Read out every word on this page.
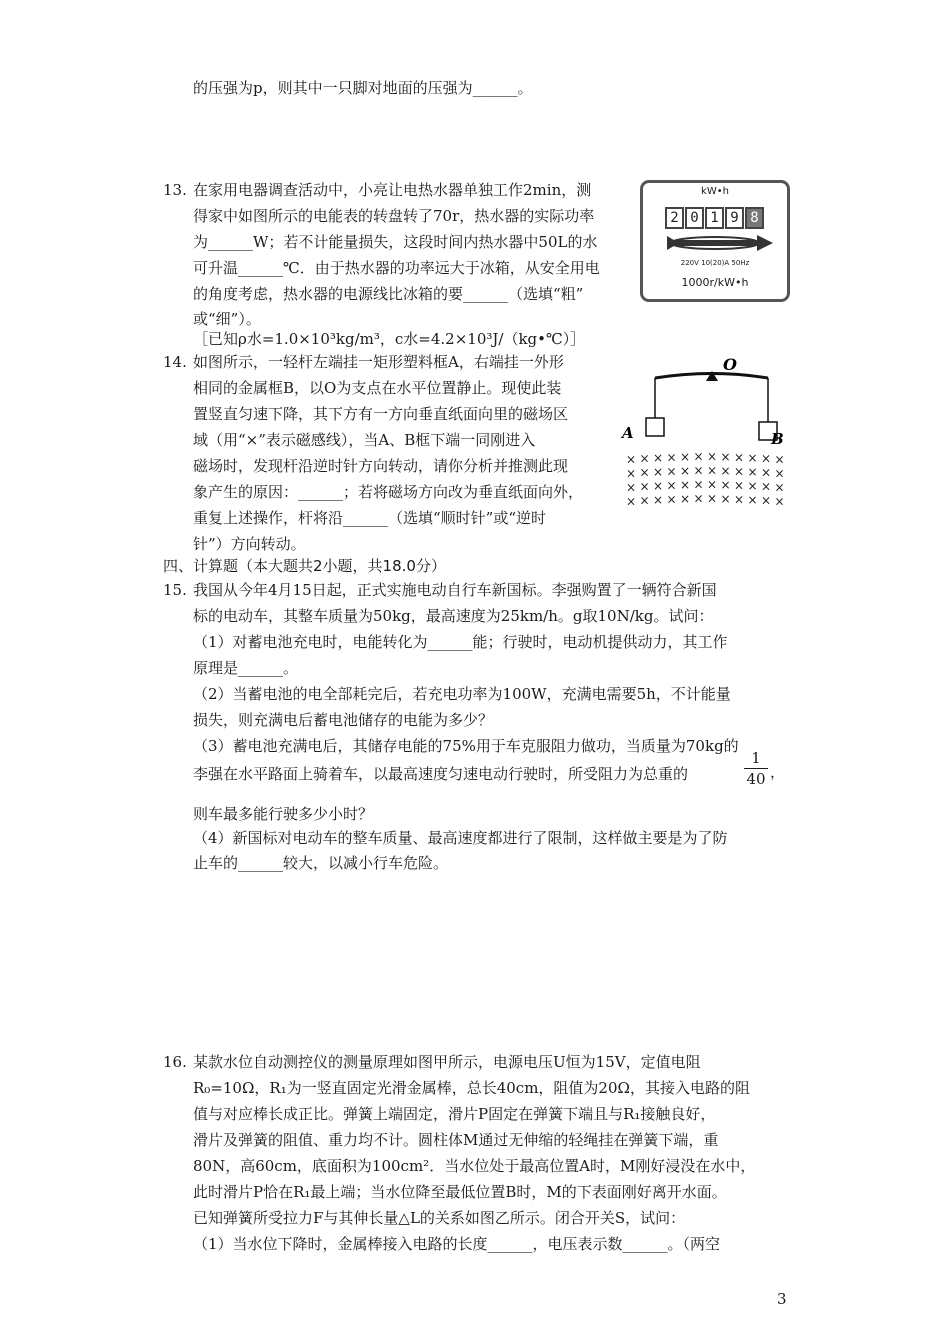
的压强为p，则其中一只脚对地面的压强为______。
13. 在家用电器调查活动中，小亮让电热水器单独工作2min，测
得家中如图所示的电能表的转盘转了70r，热水器的实际功率
为______W；若不计能量损失，这段时间内热水器中50L的水
可升温______℃．由于热水器的功率远大于冰箱，从安全用电
的角度考虑，热水器的电源线比冰箱的要______（选填“粗”
或“细”）。
［已知ρ水=1.0×10³kg/m³，c水=4.2×10³J/（kg•℃）］
kW•h
2 0 1 9 8
220V 10(20)A 50Hz
1000r/kW•h
14. 如图所示，一轻杆左端挂一矩形塑料框A，右端挂一外形
相同的金属框B，以O为支点在水平位置静止。现使此装
置竖直匀速下降，其下方有一方向垂直纸面向里的磁场区
域（用“×”表示磁感线），当A、B框下端一同刚进入
磁场时，发现杆沿逆时针方向转动，请你分析并推测此现
象产生的原因：______；若将磁场方向改为垂直纸面向外，
重复上述操作，杆将沿______（选填“顺时针”或“逆时
针”）方向转动。
O
A	B
× × × × × × × × × × × ×
× × × × × × × × × × × ×
× × × × × × × × × × × ×
× × × × × × × × × × × ×
四、计算题（本大题共2小题，共18.0分）
15. 我国从今年4月15日起，正式实施电动自行车新国标。李强购置了一辆符合新国
标的电动车，其整车质量为50kg，最高速度为25km/h。g取10N/kg。试问：
（1）对蓄电池充电时，电能转化为______能；行驶时，电动机提供动力，其工作
原理是______。
（2）当蓄电池的电全部耗完后，若充电功率为100W，充满电需要5h，不计能量
损失，则充满电后蓄电池储存的电能为多少？
（3）蓄电池充满电后，其储存电能的75%用于车克服阻力做功，当质量为70kg的
李强在水平路面上骑着车，以最高速度匀速电动行驶时，所受阻力为总重的
则车最多能行驶多少小时？
（4）新国标对电动车的整车质量、最高速度都进行了限制，这样做主要是为了防
止车的______较大，以减小行车危险。
1
40 ，
16. 某款水位自动测控仪的测量原理如图甲所示，电源电压U恒为15V，定值电阻
R₀=10Ω，R₁为一竖直固定光滑金属棒，总长40cm，阻值为20Ω，其接入电路的阻
值与对应棒长成正比。弹簧上端固定，滑片P固定在弹簧下端且与R₁接触良好，
滑片及弹簧的阻值、重力均不计。圆柱体M通过无伸缩的轻绳挂在弹簧下端，重
80N，高60cm，底面积为100cm²．当水位处于最高位置A时，M刚好浸没在水中，
此时滑片P恰在R₁最上端；当水位降至最低位置B时，M的下表面刚好离开水面。
已知弹簧所受拉力F与其伸长量△L的关系如图乙所示。闭合开关S，试问：
（1）当水位下降时，金属棒接入电路的长度______，电压表示数______。（两空
3
